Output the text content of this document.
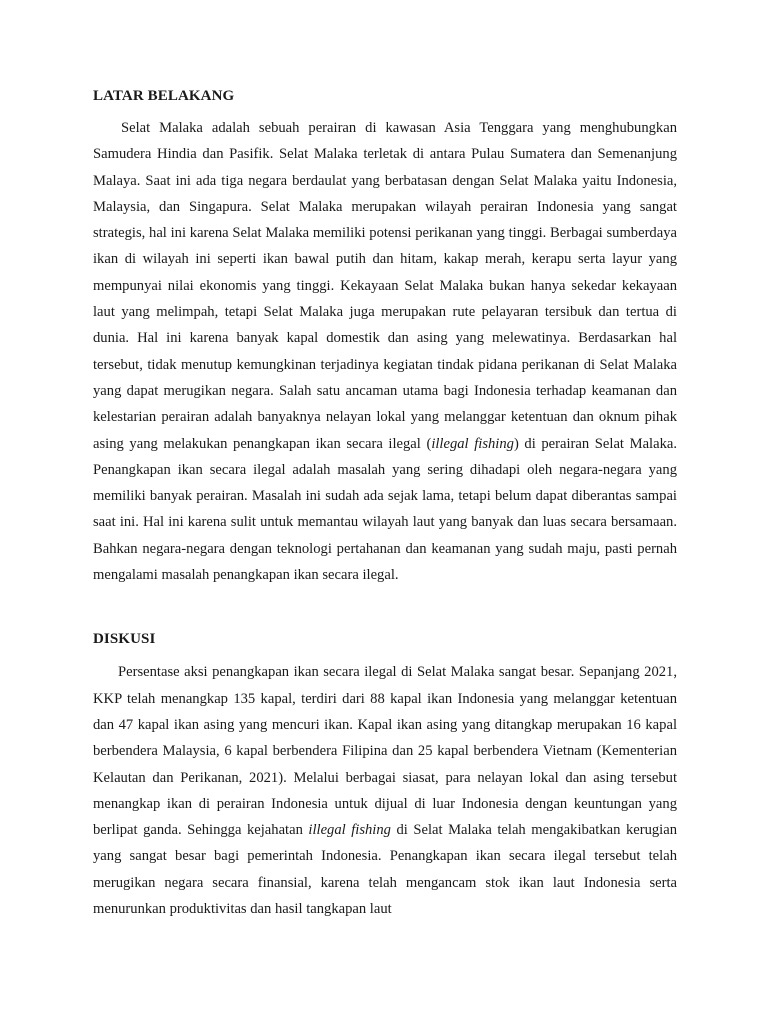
LATAR BELAKANG

Selat Malaka adalah sebuah perairan di kawasan Asia Tenggara yang menghubungkan Samudera Hindia dan Pasifik. Selat Malaka terletak di antara Pulau Sumatera dan Semenanjung Malaya. Saat ini ada tiga negara berdaulat yang berbatasan dengan Selat Malaka yaitu Indonesia, Malaysia, dan Singapura. Selat Malaka merupakan wilayah perairan Indonesia yang sangat strategis, hal ini karena Selat Malaka memiliki potensi perikanan yang tinggi. Berbagai sumberdaya ikan di wilayah ini seperti ikan bawal putih dan hitam, kakap merah, kerapu serta layur yang mempunyai nilai ekonomis yang tinggi. Kekayaan Selat Malaka bukan hanya sekedar kekayaan laut yang melimpah, tetapi Selat Malaka juga merupakan rute pelayaran tersibuk dan tertua di dunia. Hal ini karena banyak kapal domestik dan asing yang melewatinya. Berdasarkan hal tersebut, tidak menutup kemungkinan terjadinya kegiatan tindak pidana perikanan di Selat Malaka yang dapat merugikan negara. Salah satu ancaman utama bagi Indonesia terhadap keamanan dan kelestarian perairan adalah banyaknya nelayan lokal yang melanggar ketentuan dan oknum pihak asing yang melakukan penangkapan ikan secara ilegal (illegal fishing) di perairan Selat Malaka. Penangkapan ikan secara ilegal adalah masalah yang sering dihadapi oleh negara-negara yang memiliki banyak perairan. Masalah ini sudah ada sejak lama, tetapi belum dapat diberantas sampai saat ini. Hal ini karena sulit untuk memantau wilayah laut yang banyak dan luas secara bersamaan. Bahkan negara-negara dengan teknologi pertahanan dan keamanan yang sudah maju, pasti pernah mengalami masalah penangkapan ikan secara ilegal.

DISKUSI

Persentase aksi penangkapan ikan secara ilegal di Selat Malaka sangat besar. Sepanjang 2021, KKP telah menangkap 135 kapal, terdiri dari 88 kapal ikan Indonesia yang melanggar ketentuan dan 47 kapal ikan asing yang mencuri ikan. Kapal ikan asing yang ditangkap merupakan 16 kapal berbendera Malaysia, 6 kapal berbendera Filipina dan 25 kapal berbendera Vietnam (Kementerian Kelautan dan Perikanan, 2021). Melalui berbagai siasat, para nelayan lokal dan asing tersebut menangkap ikan di perairan Indonesia untuk dijual di luar Indonesia dengan keuntungan yang berlipat ganda. Sehingga kejahatan illegal fishing di Selat Malaka telah mengakibatkan kerugian yang sangat besar bagi pemerintah Indonesia. Penangkapan ikan secara ilegal tersebut telah merugikan negara secara finansial, karena telah mengancam stok ikan laut Indonesia serta menurunkan produktivitas dan hasil tangkapan laut
